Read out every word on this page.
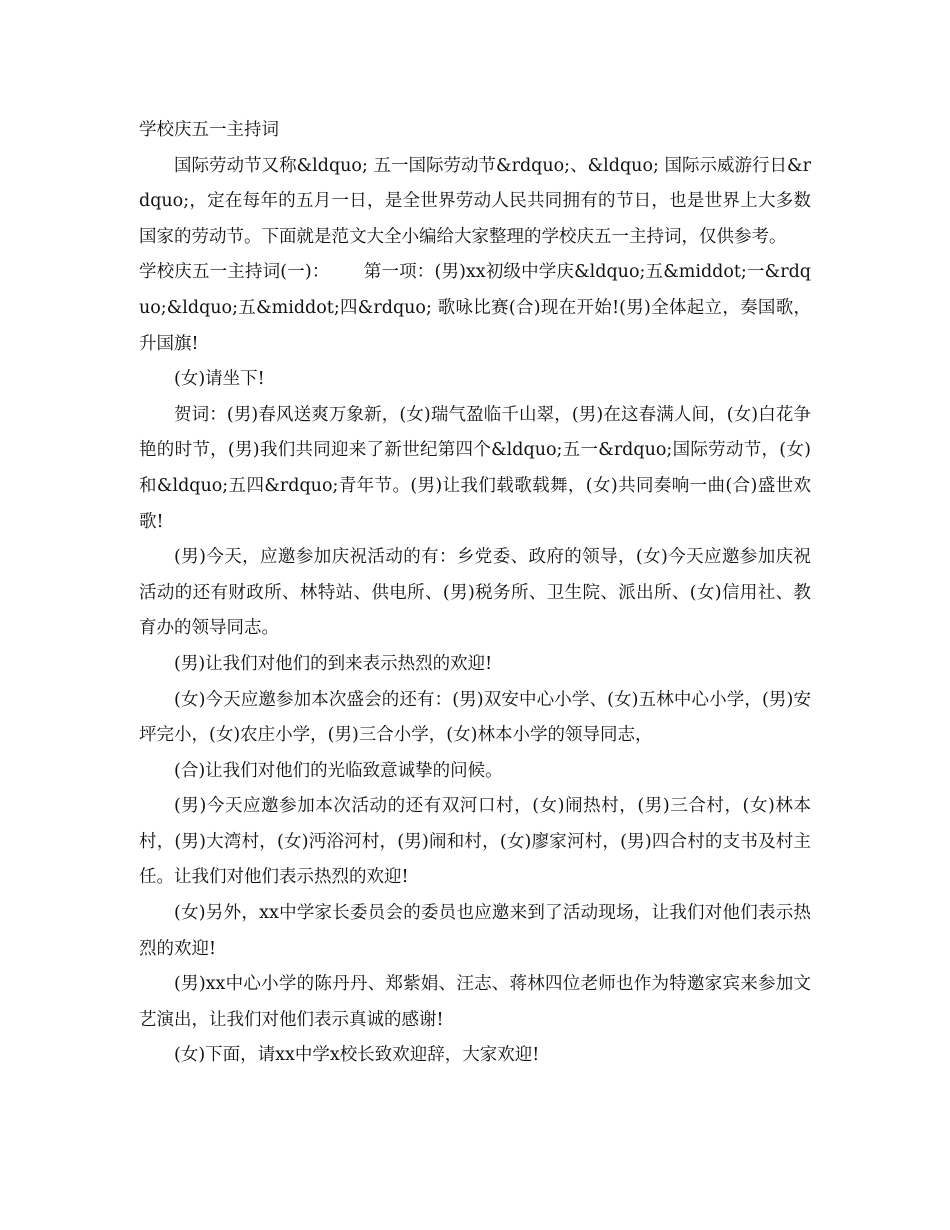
学校庆五一主持词

国际劳动节又称&ldquo; 五一国际劳动节&rdquo;、&ldquo; 国际示威游行日&rdquo;，定在每年的五月一日，是全世界劳动人民共同拥有的节日，也是世界上大多数国家的劳动节。下面就是范文大全小编给大家整理的学校庆五一主持词，仅供参考。

学校庆五一主持词(一)：      第一项：(男)xx初级中学庆&ldquo;五&middot;一&rdquo;&ldquo;五&middot;四&rdquo; 歌咏比赛(合)现在开始!(男)全体起立，奏国歌，升国旗!

(女)请坐下!

贺词：(男)春风送爽万象新，(女)瑞气盈临千山翠，(男)在这春满人间，(女)白花争艳的时节，(男)我们共同迎来了新世纪第四个&ldquo;五一&rdquo;国际劳动节，(女)和&ldquo;五四&rdquo;青年节。(男)让我们载歌载舞，(女)共同奏响一曲(合)盛世欢歌!

(男)今天，应邀参加庆祝活动的有：乡党委、政府的领导，(女)今天应邀参加庆祝活动的还有财政所、林特站、供电所、(男)税务所、卫生院、派出所、(女)信用社、教育办的领导同志。

(男)让我们对他们的到来表示热烈的欢迎!

(女)今天应邀参加本次盛会的还有：(男)双安中心小学、(女)五林中心小学，(男)安坪完小，(女)农庄小学，(男)三合小学，(女)林本小学的领导同志，

(合)让我们对他们的光临致意诚挚的问候。

(男)今天应邀参加本次活动的还有双河口村，(女)闹热村，(男)三合村，(女)林本村，(男)大湾村，(女)沔浴河村，(男)闹和村，(女)廖家河村，(男)四合村的支书及村主任。让我们对他们表示热烈的欢迎!

(女)另外，xx中学家长委员会的委员也应邀来到了活动现场，让我们对他们表示热烈的欢迎!

(男)xx中心小学的陈丹丹、郑紫娟、汪志、蒋林四位老师也作为特邀家宾来参加文艺演出，让我们对他们表示真诚的感谢!

(女)下面，请xx中学x校长致欢迎辞，大家欢迎!
